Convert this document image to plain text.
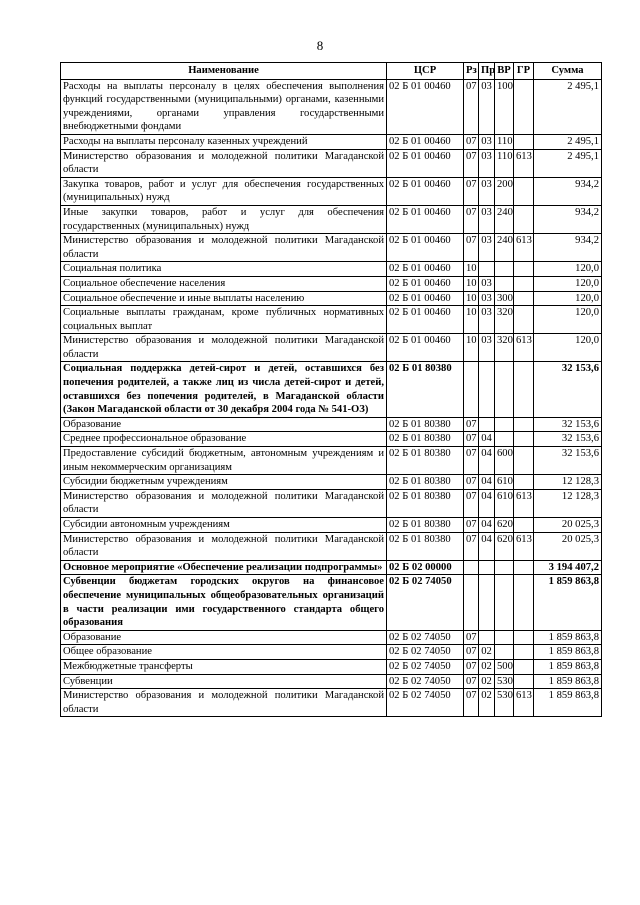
8
Наименование	ЦСР	Рз	Пр	ВР	ГР	Сумма
Расходы на выплаты персоналу в целях обеспечения выполнения функций государственными (муниципальными) органами, казенными учреждениями, органами управления государственными внебюджетными фондами	02 Б 01 00460	07	03	100		2 495,1
Расходы на выплаты персоналу казенных учреждений	02 Б 01 00460	07	03	110		2 495,1
Министерство образования и молодежной политики Магаданской области	02 Б 01 00460	07	03	110	613	2 495,1
Закупка товаров, работ и услуг для обеспечения государственных (муниципальных) нужд	02 Б 01 00460	07	03	200		934,2
Иные закупки товаров, работ и услуг для обеспечения государственных (муниципальных) нужд	02 Б 01 00460	07	03	240		934,2
Министерство образования и молодежной политики Магаданской области	02 Б 01 00460	07	03	240	613	934,2
Социальная политика	02 Б 01 00460	10				120,0
Социальное обеспечение населения	02 Б 01 00460	10	03			120,0
Социальное обеспечение и иные выплаты населению	02 Б 01 00460	10	03	300		120,0
Социальные выплаты гражданам, кроме публичных нормативных социальных выплат	02 Б 01 00460	10	03	320		120,0
Министерство образования и молодежной политики Магаданской области	02 Б 01 00460	10	03	320	613	120,0
Социальная поддержка детей-сирот и детей, оставшихся без попечения родителей, а также лиц из числа детей-сирот и детей, оставшихся без попечения родителей, в Магаданской области (Закон Магаданской области от 30 декабря 2004 года № 541-ОЗ)	02 Б 01 80380					32 153,6
Образование	02 Б 01 80380	07				32 153,6
Среднее профессиональное образование	02 Б 01 80380	07	04			32 153,6
Предоставление субсидий бюджетным, автономным учреждениям и иным некоммерческим организациям	02 Б 01 80380	07	04	600		32 153,6
Субсидии бюджетным учреждениям	02 Б 01 80380	07	04	610		12 128,3
Министерство образования и молодежной политики Магаданской области	02 Б 01 80380	07	04	610	613	12 128,3
Субсидии автономным учреждениям	02 Б 01 80380	07	04	620		20 025,3
Министерство образования и молодежной политики Магаданской области	02 Б 01 80380	07	04	620	613	20 025,3
Основное мероприятие «Обеспечение реализации подпрограммы»	02 Б 02 00000					3 194 407,2
Субвенции бюджетам городских округов на финансовое обеспечение муниципальных общеобразовательных организаций в части реализации ими государственного стандарта общего образования	02 Б 02 74050					1 859 863,8
Образование	02 Б 02 74050	07				1 859 863,8
Общее образование	02 Б 02 74050	07	02			1 859 863,8
Межбюджетные трансферты	02 Б 02 74050	07	02	500		1 859 863,8
Субвенции	02 Б 02 74050	07	02	530		1 859 863,8
Министерство образования и молодежной политики Магаданской области	02 Б 02 74050	07	02	530	613	1 859 863,8
